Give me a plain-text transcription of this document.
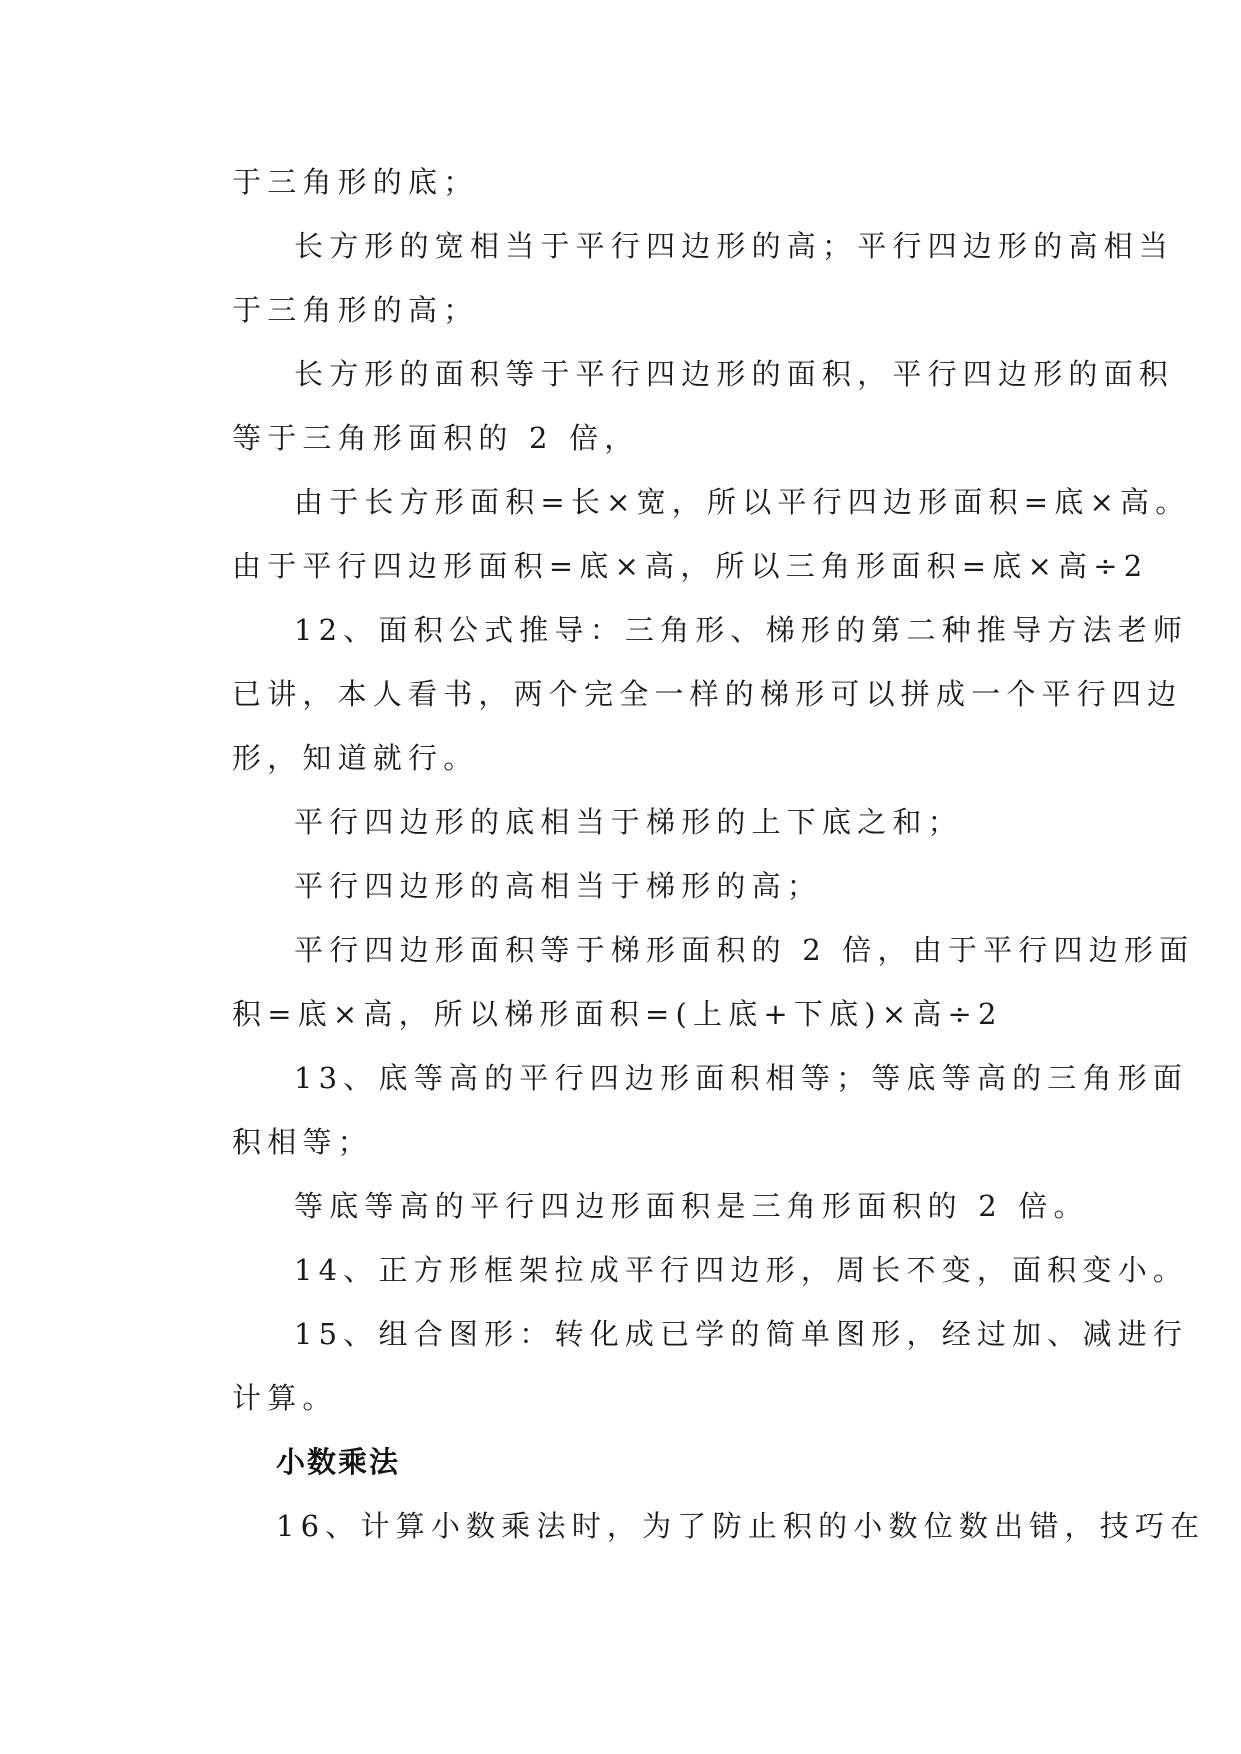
于三角形的底；
长方形的宽相当于平行四边形的高；平行四边形的高相当
于三角形的高；
长方形的面积等于平行四边形的面积，平行四边形的面积
等于三角形面积的 2 倍，
由于长方形面积=长×宽，所以平行四边形面积=底×高。
由于平行四边形面积=底×高，所以三角形面积=底×高÷2
12、面积公式推导：三角形、梯形的第二种推导方法老师
已讲，本人看书，两个完全一样的梯形可以拼成一个平行四边
形，知道就行。
平行四边形的底相当于梯形的上下底之和；
平行四边形的高相当于梯形的高；
平行四边形面积等于梯形面积的 2 倍，由于平行四边形面
积=底×高，所以梯形面积=(上底+下底)×高÷2
13、底等高的平行四边形面积相等；等底等高的三角形面
积相等；
等底等高的平行四边形面积是三角形面积的 2 倍。
14、正方形框架拉成平行四边形，周长不变，面积变小。
15、组合图形：转化成已学的简单图形，经过加、减进行
计算。
小数乘法
16、计算小数乘法时，为了防止积的小数位数出错，技巧在
